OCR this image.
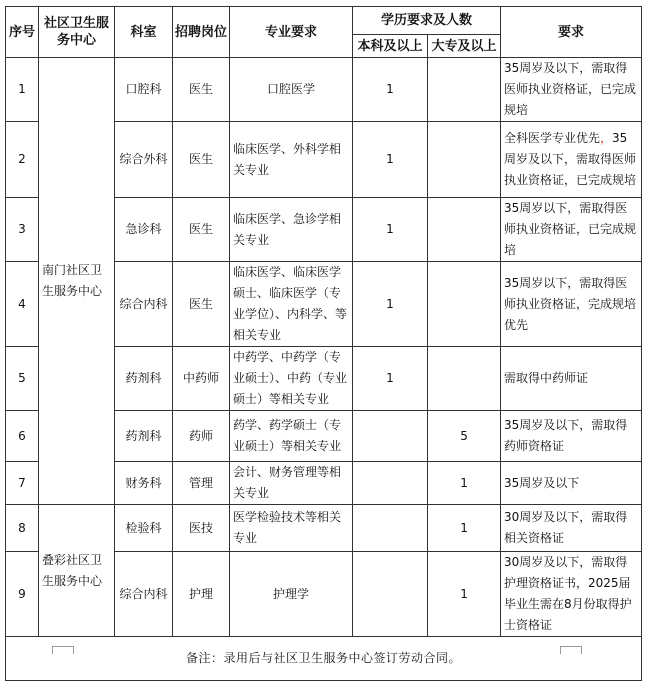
序号	社区卫生服务中心	科室	招聘岗位	专业要求	学历要求及人数		要求
					本科及以上	大专及以上	
1	南门社区卫生服务中心	口腔科	医生	口腔医学	1		35周岁及以下，需取得医师执业资格证，已完成规培
2		综合外科	医生	临床医学、外科学相关专业	1		全科医学专业优先，35周岁及以下，需取得医师执业资格证，已完成规培
3		急诊科	医生	临床医学、急诊学相关专业	1		35周岁以下，需取得医师执业资格证，已完成规培
4		综合内科	医生	临床医学、临床医学硕士、临床医学（专业学位）、内科学、等相关专业	1		35周岁以下，需取得医师执业资格证，完成规培优先
5		药剂科	中药师	中药学、中药学（专业硕士）、中药（专业硕士）等相关专业	1		需取得中药师证
6		药剂科	药师	药学、药学硕士（专业硕士）等相关专业		5	35周岁及以下，需取得药师资格证
7		财务科	管理	会计、财务管理等相关专业		1	35周岁及以下
8	叠彩社区卫生服务中心	检验科	医技	医学检验技术等相关专业		1	30周岁及以下，需取得相关资格证
9		综合内科	护理	护理学		1	30周岁及以下，需取得护理资格证书，2025届毕业生需在8月份取得护士资格证
备注：录用后与社区卫生服务中心签订劳动合同。							
